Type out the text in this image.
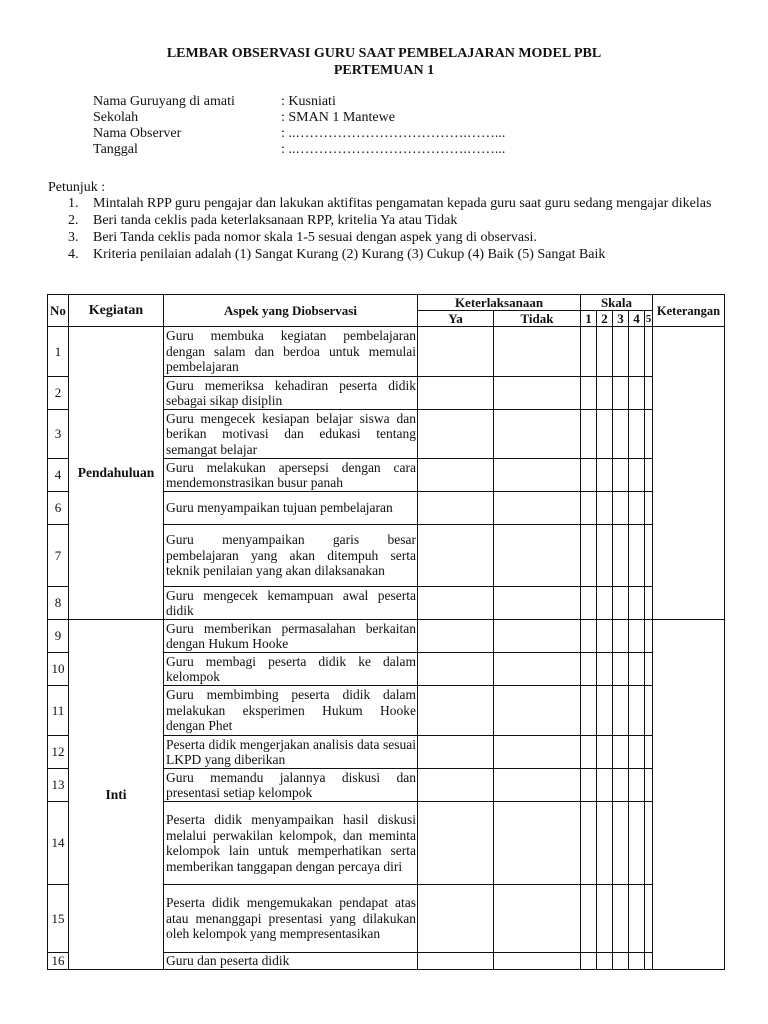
LEMBAR OBSERVASI GURU SAAT PEMBELAJARAN MODEL PBL
PERTEMUAN 1
Nama Guruyang di amati	: Kusniati
Sekolah	: SMAN 1 Mantewe
Nama Observer	: ..……………………………….……...
Tanggal	: ..……………………………….……...
Petunjuk :
1.	Mintalah RPP guru pengajar dan lakukan aktifitas pengamatan kepada guru saat guru sedang mengajar dikelas
2.	Beri tanda ceklis pada keterlaksanaan RPP, kritelia Ya atau Tidak
3.	Beri Tanda ceklis pada nomor skala 1-5 sesuai dengan aspek yang di observasi.
4.	Kriteria penilaian adalah (1) Sangat Kurang (2) Kurang (3) Cukup (4) Baik (5) Sangat Baik
No	Kegiatan	Aspek yang Diobservasi	Keterlaksanaan		Skala					Keterangan
			Ya	Tidak	1	2	3	4	5	
1	Pendahuluan	Guru membuka kegiatan pembelajaran dengan salam dan berdoa untuk memulai pembelajaran								
2		Guru memeriksa kehadiran peserta didik sebagai sikap disiplin								
3		Guru mengecek kesiapan belajar siswa dan berikan motivasi dan edukasi tentang semangat belajar								
4		Guru melakukan apersepsi dengan cara mendemonstrasikan busur panah								
6		Guru menyampaikan tujuan pembelajaran								
7		Guru menyampaikan garis besar pembelajaran yang akan ditempuh serta teknik penilaian yang akan dilaksanakan								
8		Guru mengecek kemampuan awal peserta didik								
9	Inti	Guru memberikan permasalahan berkaitan dengan Hukum Hooke								
10		Guru membagi peserta didik ke dalam kelompok								
11		Guru membimbing peserta didik dalam melakukan eksperimen Hukum Hooke dengan Phet								
12		Peserta didik mengerjakan analisis data sesuai LKPD yang diberikan								
13		Guru memandu jalannya diskusi dan presentasi setiap kelompok								
14		Peserta didik menyampaikan hasil diskusi melalui perwakilan kelompok, dan meminta kelompok lain untuk memperhatikan serta memberikan tanggapan dengan percaya diri								
15		Peserta didik mengemukakan pendapat atas atau menanggapi presentasi yang dilakukan oleh kelompok yang mempresentasikan								
16		Guru dan peserta didik								
